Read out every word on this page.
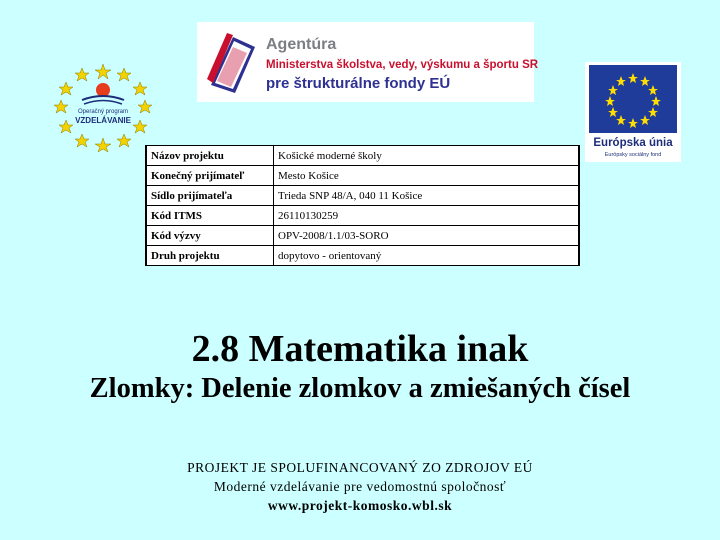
Agentúra
Ministerstva školstva, vedy, výskumu a športu SR
pre štrukturálne fondy EÚ
Operačný program
VZDELÁVANIE
Európska únia
Európsky sociálny fond
Názov projektu	Košické moderné školy
Konečný prijímateľ	Mesto Košice
Sídlo prijímateľa	Trieda SNP 48/A, 040 11 Košice
Kód ITMS	26110130259
Kód výzvy	OPV-2008/1.1/03-SORO
Druh projektu	dopytovo - orientovaný
2.8 Matematika inak
Zlomky: Delenie zlomkov a zmiešaných čísel
PROJEKT JE SPOLUFINANCOVANÝ ZO ZDROJOV EÚ
Moderné vzdelávanie pre vedomostnú spoločnosť
www.projekt-komosko.wbl.sk
